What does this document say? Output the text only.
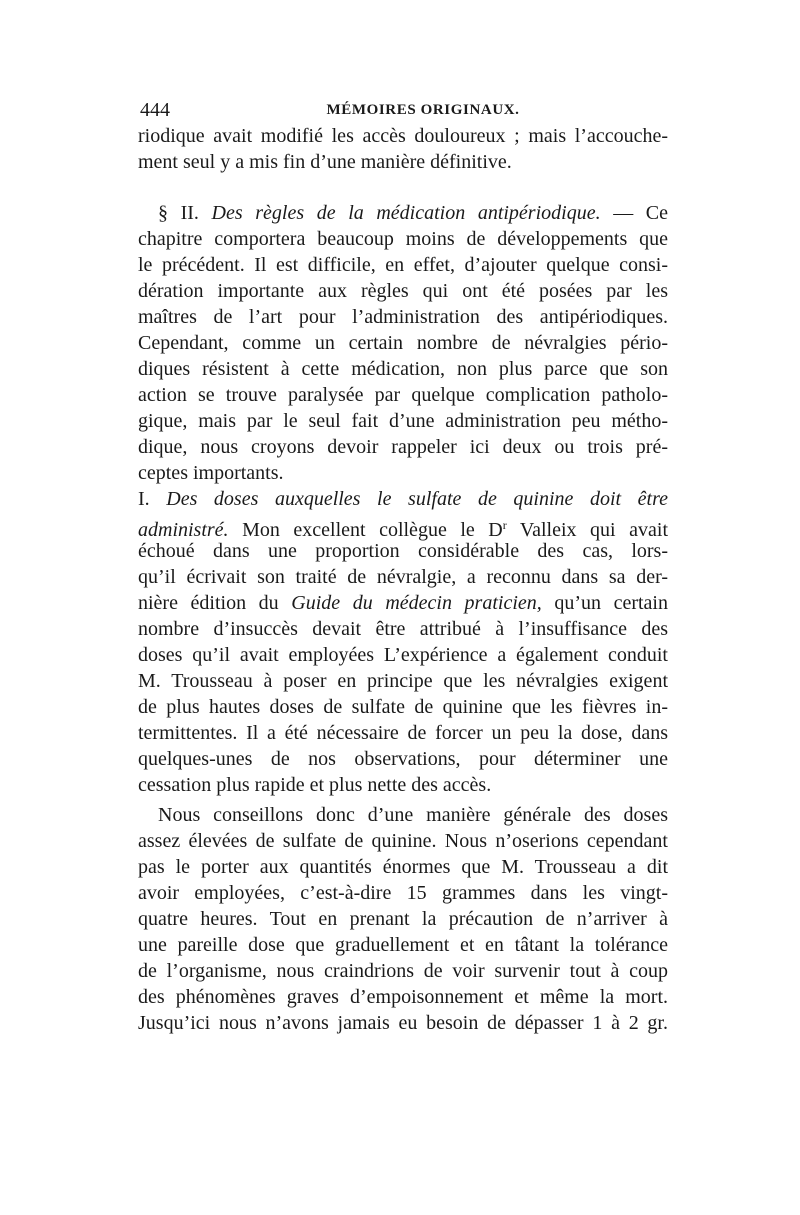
444	MÉMOIRES ORIGINAUX.
riodique avait modifié les accès douloureux ; mais l’accouche-
ment seul y a mis fin d’une manière définitive.
§ II. Des règles de la médication antipériodique. — Ce
chapitre comportera beaucoup moins de développements que
le précédent. Il est difficile, en effet, d’ajouter quelque consi-
dération importante aux règles qui ont été posées par les
maîtres de l’art pour l’administration des antipériodiques.
Cependant, comme un certain nombre de névralgies pério-
diques résistent à cette médication, non plus parce que son
action se trouve paralysée par quelque complication patholo-
gique, mais par le seul fait d’une administration peu métho-
dique, nous croyons devoir rappeler ici deux ou trois pré-
ceptes importants.
I. Des doses auxquelles le sulfate de quinine doit être
administré. Mon excellent collègue le $D^r$ Valleix qui avait
échoué dans une proportion considérable des cas, lors-
qu’il écrivait son traité de névralgie, a reconnu dans sa der-
nière édition du Guide du médecin praticien, qu’un certain
nombre d’insuccès devait être attribué à l’insuffisance des
doses qu’il avait employées L’expérience a également conduit
M. Trousseau à poser en principe que les névralgies exigent
de plus hautes doses de sulfate de quinine que les fièvres in-
termittentes. Il a été nécessaire de forcer un peu la dose, dans
quelques-unes de nos observations, pour déterminer une
cessation plus rapide et plus nette des accès.
Nous conseillons donc d’une manière générale des doses
assez élevées de sulfate de quinine. Nous n’oserions cependant
pas le porter aux quantités énormes que M. Trousseau a dit
avoir employées, c’est-à-dire 15 grammes dans les vingt-
quatre heures. Tout en prenant la précaution de n’arriver à
une pareille dose que graduellement et en tâtant la tolérance
de l’organisme, nous craindrions de voir survenir tout à coup
des phénomènes graves d’empoisonnement et même la mort.
Jusqu’ici nous n’avons jamais eu besoin de dépasser 1 à 2 gr.
